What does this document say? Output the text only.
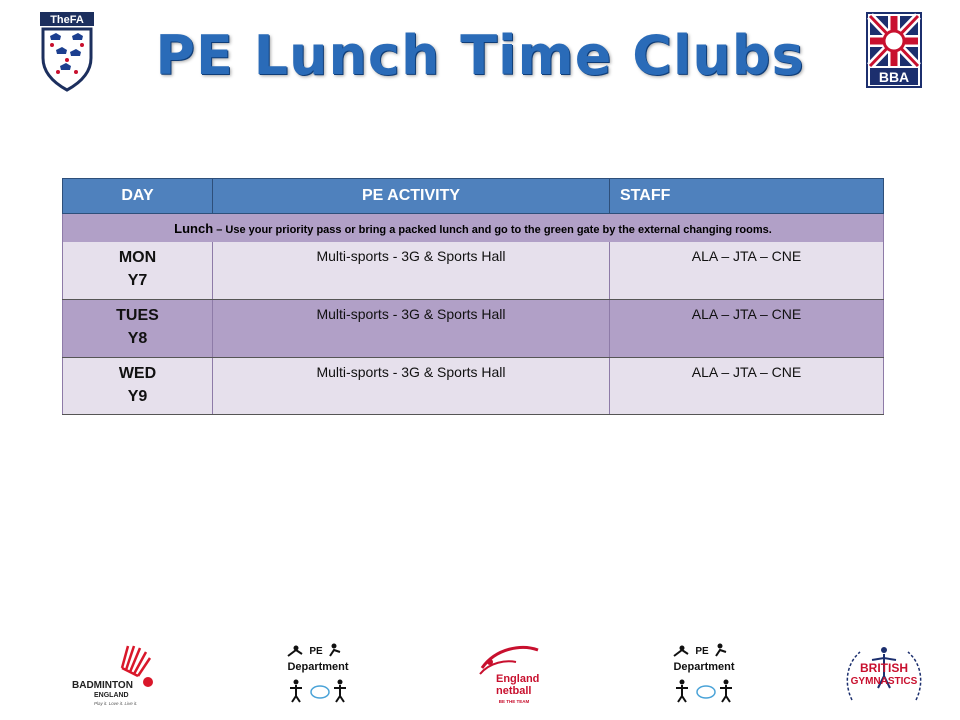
TheFA
PE Lunch Time Clubs	BBA
DAY	PE ACTIVITY	STAFF
Lunch – Use your priority pass or bring a packed lunch and go to the green gate by the external changing rooms.		

MON
Y7	Multi-sports - 3G & Sports Hall	ALA – JTA – CNE

TUES
Y8	Multi-sports - 3G & Sports Hall	ALA – JTA – CNE

WED
Y9	Multi-sports - 3G & Sports Hall	ALA – JTA – CNE
BADMINTON
ENGLAND
Play it. Love it. Live it.
PE
Department
England
netball
BE THE TEAM
PE
Department	BRITISH
GYMNASTICS
